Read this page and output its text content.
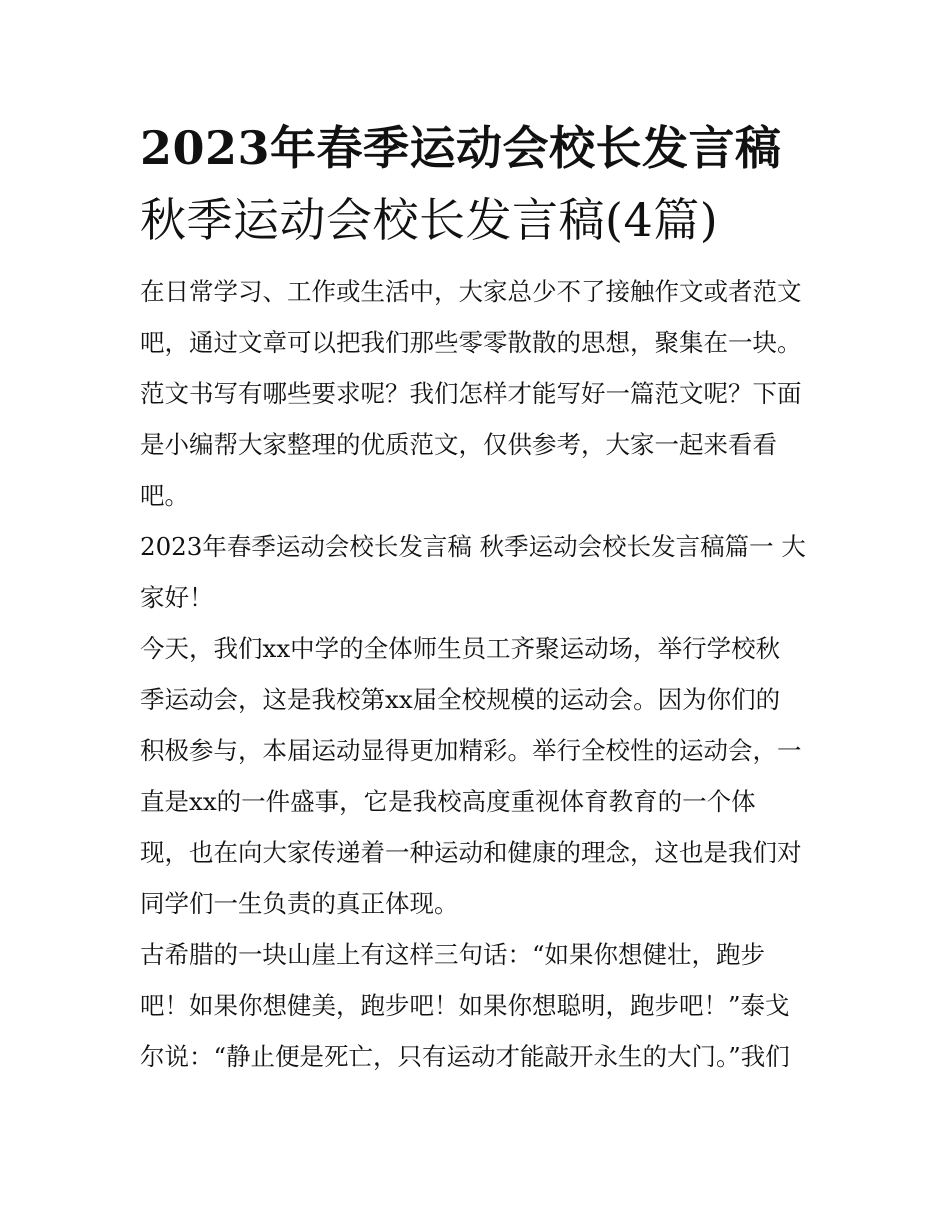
2023年春季运动会校长发言稿
秋季运动会校长发言稿(4篇)

在日常学习、工作或生活中，大家总少不了接触作文或者范文
吧，通过文章可以把我们那些零零散散的思想，聚集在一块。
范文书写有哪些要求呢？我们怎样才能写好一篇范文呢？下面
是小编帮大家整理的优质范文，仅供参考，大家一起来看看
吧。

2023年春季运动会校长发言稿 秋季运动会校长发言稿篇一 大
家好！

今天，我们xx中学的全体师生员工齐聚运动场，举行学校秋
季运动会，这是我校第xx届全校规模的运动会。因为你们的
积极参与，本届运动显得更加精彩。举行全校性的运动会，一
直是xx的一件盛事，它是我校高度重视体育教育的一个体
现，也在向大家传递着一种运动和健康的理念，这也是我们对
同学们一生负责的真正体现。

古希腊的一块山崖上有这样三句话：“如果你想健壮，跑步
吧！如果你想健美，跑步吧！如果你想聪明，跑步吧！”泰戈
尔说：“静止便是死亡，只有运动才能敲开永生的大门。”我们
